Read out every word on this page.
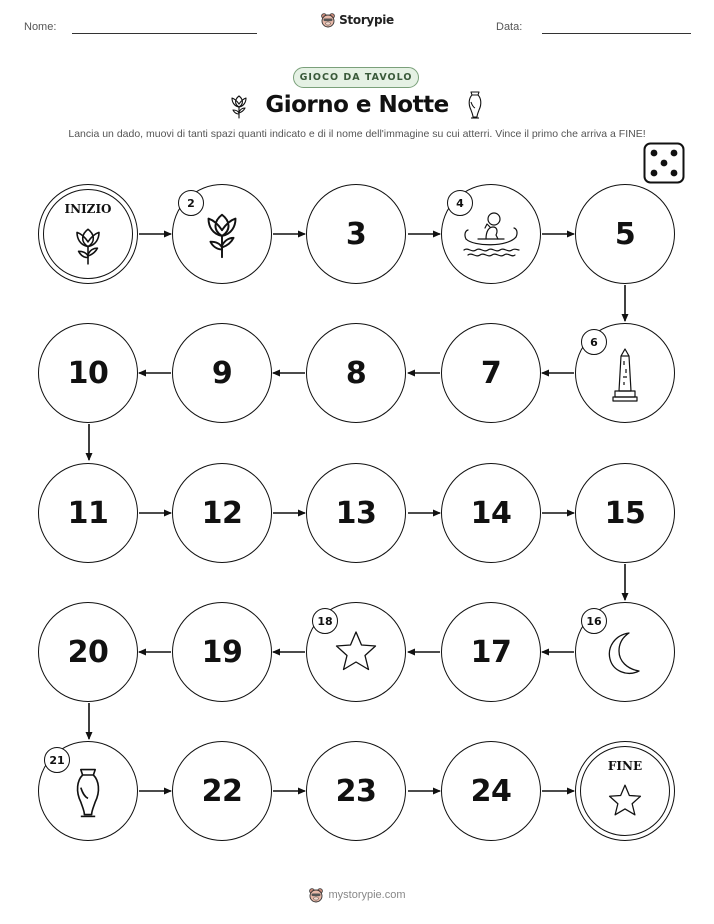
Nome:	Storypie	Data:
GIOCO DA TAVOLO
Giorno e Notte
Lancia un dado, muovi di tanti spazi quanti indicato e di il nome dell'immagine su cui atterri. Vince il primo che arriva a FINE!
INIZIO	2
3
4
5
10	9	8	7
6
11	12	13	14	15
20	19
18
17
16
21
22	23	24
FINE
mystorypie.com
